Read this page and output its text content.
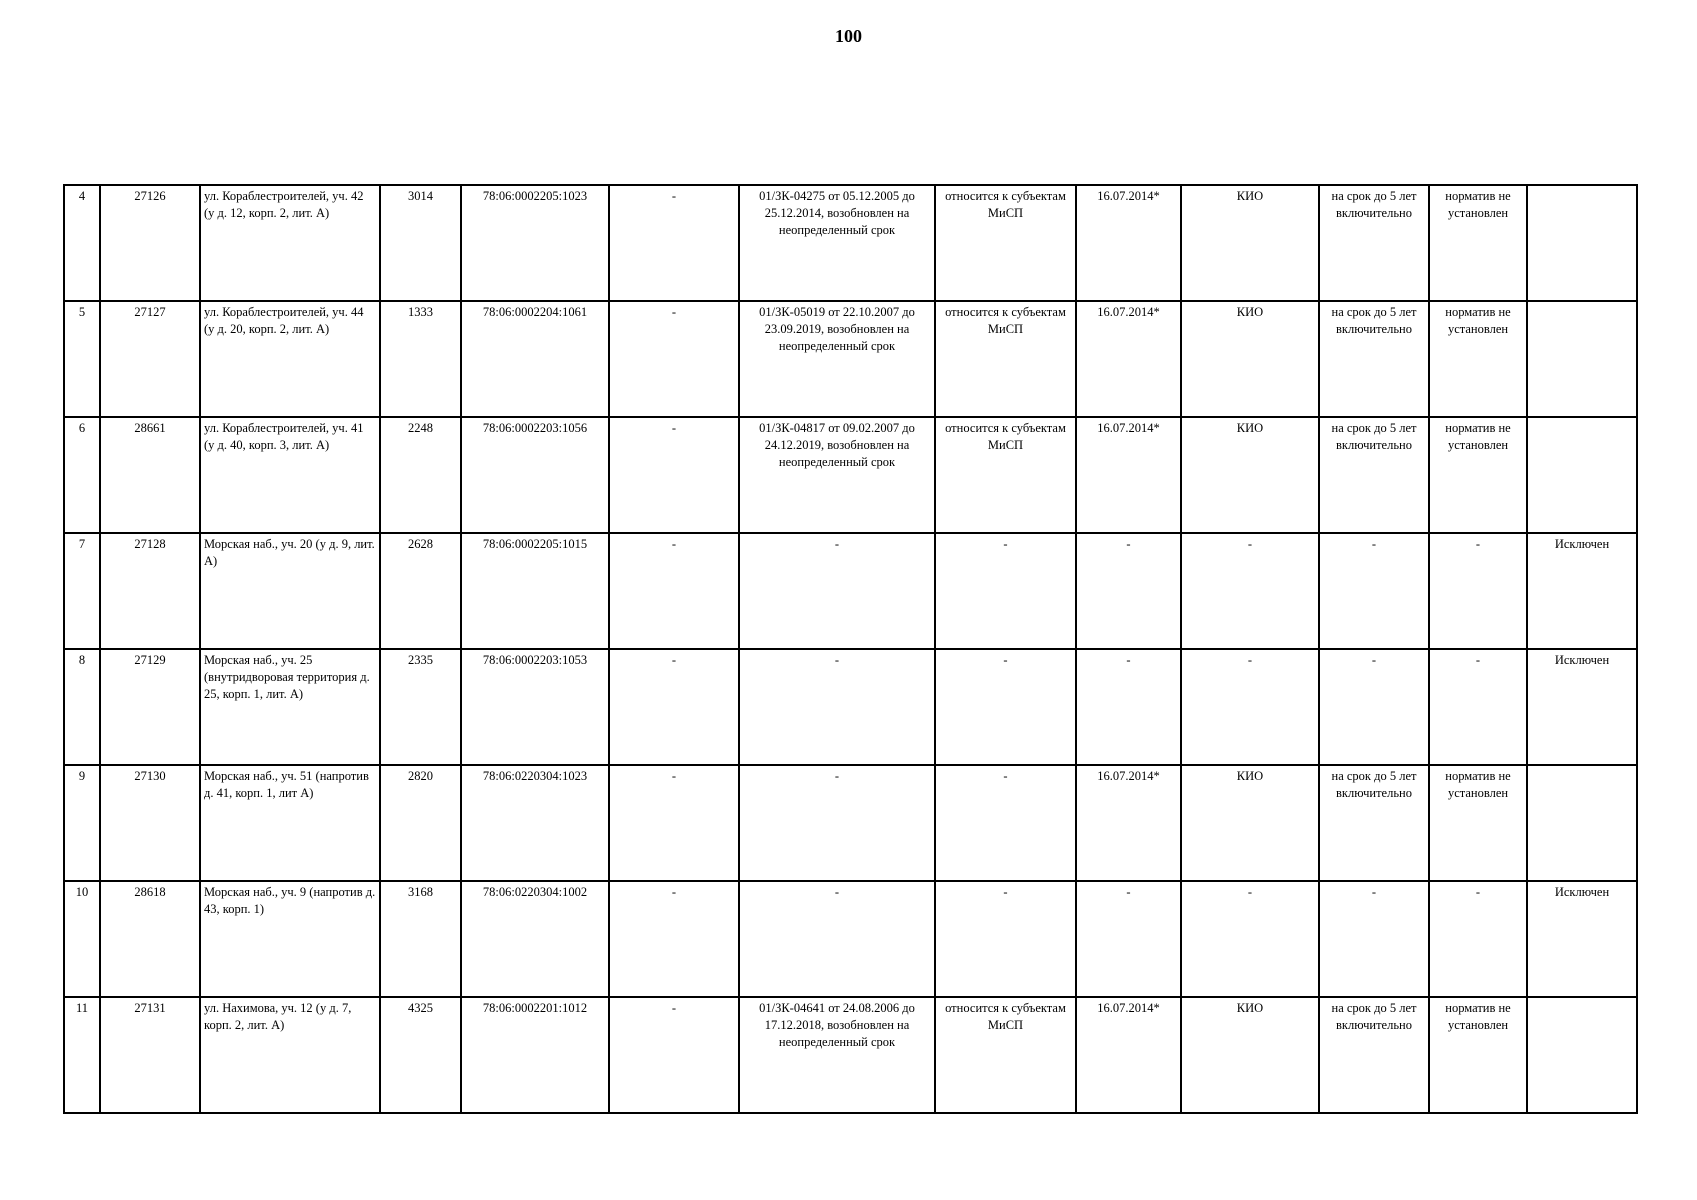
100
4	27126	ул. Кораблестроителей, уч. 42 (у д. 12, корп. 2, лит. А)	3014	78:06:0002205:1023	-	01/ЗК-04275 от 05.12.2005 до 25.12.2014, возобновлен на неопределенный срок	относится к субъектам МиСП	16.07.2014*	КИО	на срок до 5 лет включительно	норматив не установлен	
5	27127	ул. Кораблестроителей, уч. 44 (у д. 20, корп. 2, лит. А)	1333	78:06:0002204:1061	-	01/ЗК-05019 от 22.10.2007 до 23.09.2019, возобновлен на неопределенный срок	относится к субъектам МиСП	16.07.2014*	КИО	на срок до 5 лет включительно	норматив не установлен	
6	28661	ул. Кораблестроителей, уч. 41 (у д. 40, корп. 3, лит. А)	2248	78:06:0002203:1056	-	01/ЗК-04817 от 09.02.2007 до 24.12.2019, возобновлен на неопределенный срок	относится к субъектам МиСП	16.07.2014*	КИО	на срок до 5 лет включительно	норматив не установлен	
7	27128	Морская наб., уч. 20 (у д. 9, лит. А)	2628	78:06:0002205:1015	-	-	-	-	-	-	-	Исключен
8	27129	Морская наб., уч. 25 (внутридворовая территория д. 25, корп. 1, лит. А)	2335	78:06:0002203:1053	-	-	-	-	-	-	-	Исключен
9	27130	Морская наб., уч. 51 (напротив д. 41, корп. 1, лит А)	2820	78:06:0220304:1023	-	-	-	16.07.2014*	КИО	на срок до 5 лет включительно	норматив не установлен	
10	28618	Морская наб., уч. 9 (напротив д. 43, корп. 1)	3168	78:06:0220304:1002	-	-	-	-	-	-	-	Исключен
11	27131	ул. Нахимова, уч. 12 (у д. 7, корп. 2, лит. А)	4325	78:06:0002201:1012	-	01/ЗК-04641 от 24.08.2006 до 17.12.2018, возобновлен на неопределенный срок	относится к субъектам МиСП	16.07.2014*	КИО	на срок до 5 лет включительно	норматив не установлен	
